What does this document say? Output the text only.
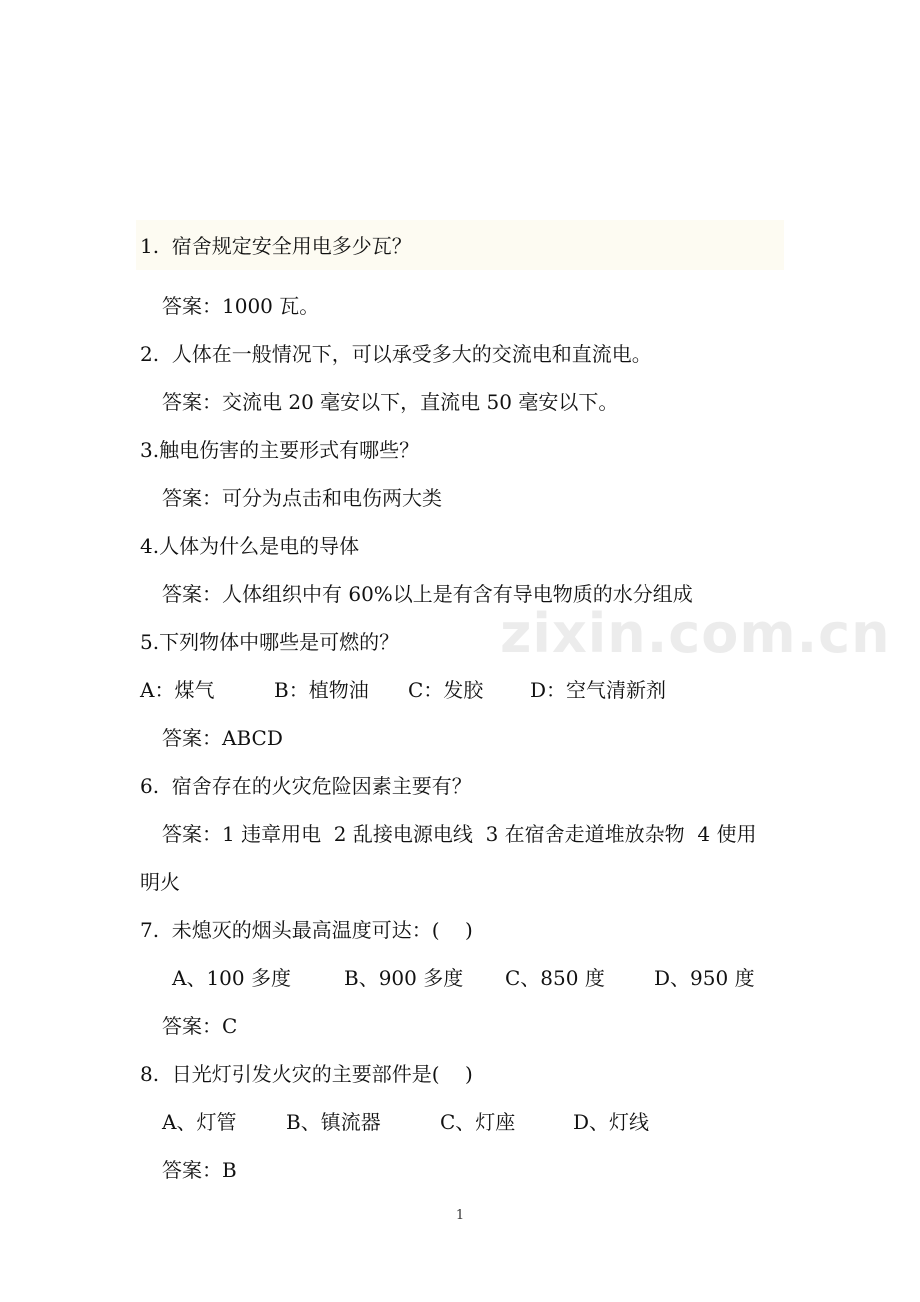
1.  宿舍规定安全用电多少瓦？
答案：1000 瓦。
2.  人体在一般情况下，可以承受多大的交流电和直流电。
答案：交流电 20 毫安以下，直流电 50 毫安以下。
3.触电伤害的主要形式有哪些？
答案：可分为点击和电伤两大类
4.人体为什么是电的导体
答案：人体组织中有 60%以上是有含有导电物质的水分组成
5.下列物体中哪些是可燃的？
A：煤气	B：植物油 C：发胶 D：空气清新剂
答案：ABCD
6.  宿舍存在的火灾危险因素主要有？
答案：1 违章用电  2 乱接电源电线  3 在宿舍走道堆放杂物  4 使用
明火
7.  未熄灭的烟头最高温度可达：(    )
A、100 多度	B、900 多度 C、850 度 D、950 度
答案：C
8.  日光灯引发火灾的主要部件是(    )
A、灯管 B、镇流器	C、灯座	D、灯线
答案：B
zixin.com.cn
1
